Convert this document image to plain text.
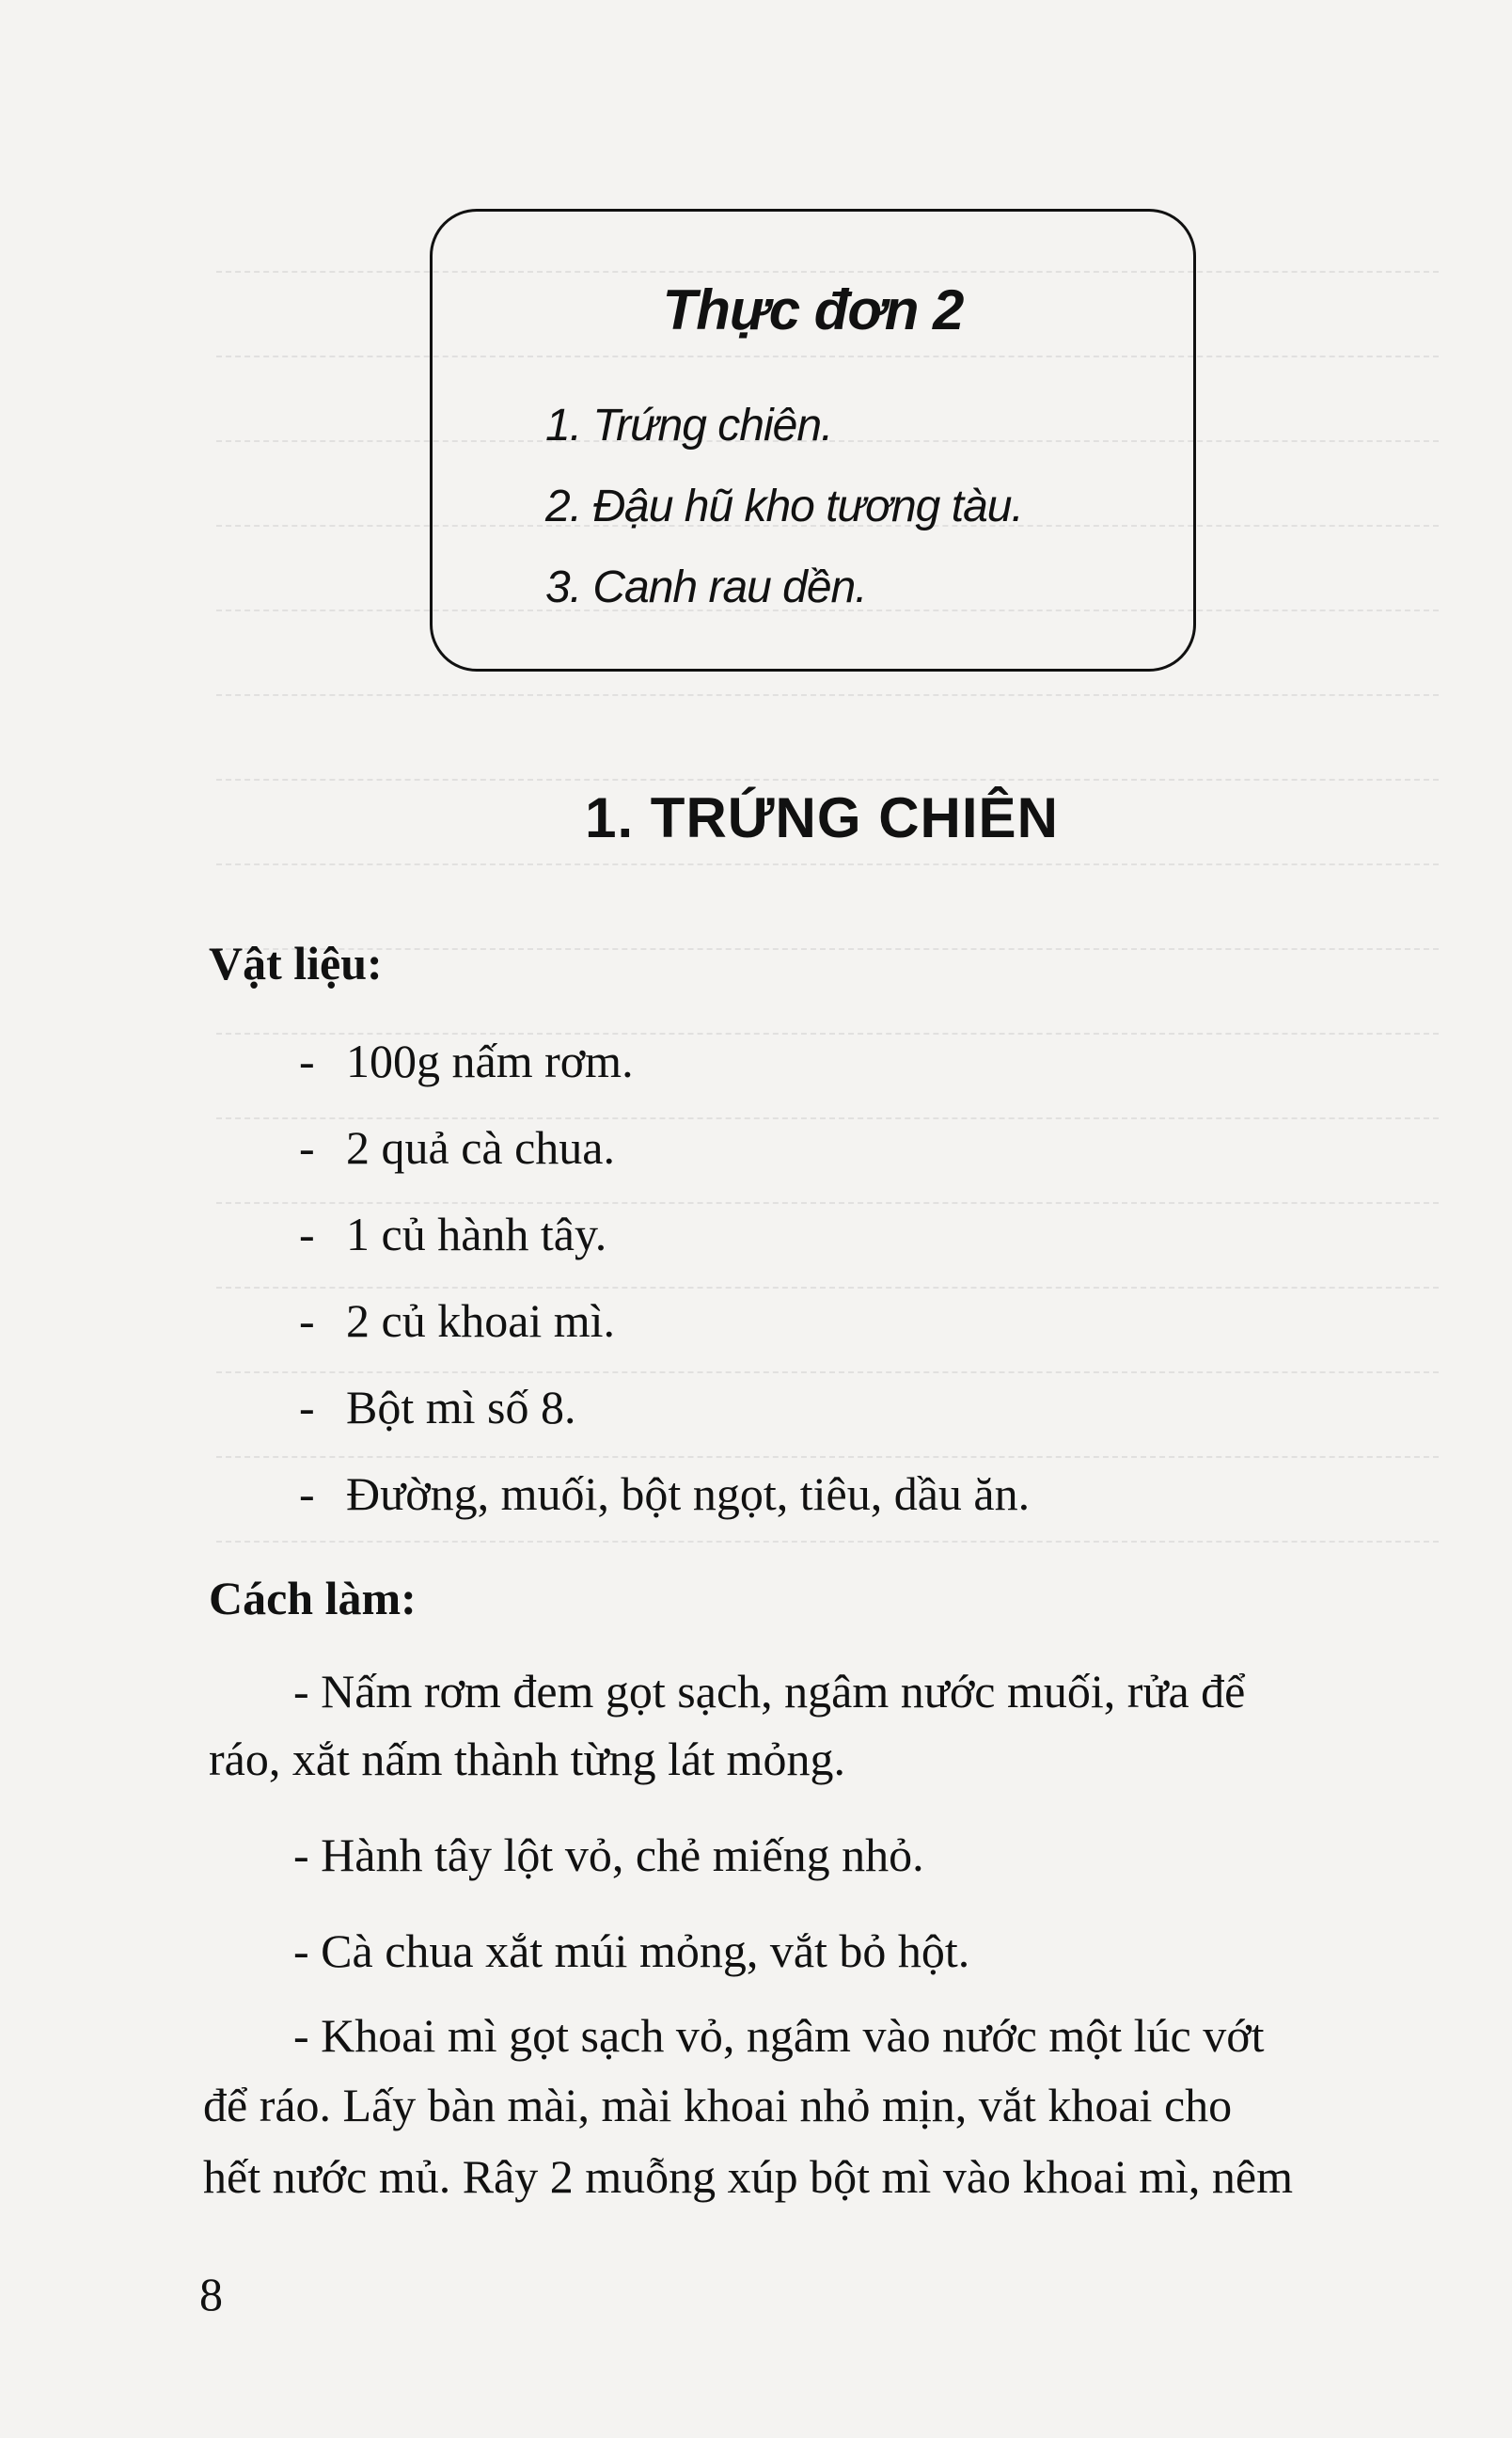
Thực đơn 2
1. Trứng chiên.
2. Đậu hũ kho tương tàu.
3. Canh rau dền.
1. TRỨNG CHIÊN
Vật liệu:
- 100g nấm rơm.
- 2 quả cà chua.
- 1 củ hành tây.
- 2 củ khoai mì.
- Bột mì số 8.
- Đường, muối, bột ngọt, tiêu, dầu ăn.
Cách làm:
- Nấm rơm đem gọt sạch, ngâm nước muối, rửa để
ráo, xắt nấm thành từng lát mỏng.
- Hành tây lột vỏ, chẻ miếng nhỏ.
- Cà chua xắt múi mỏng, vắt bỏ hột.
- Khoai mì gọt sạch vỏ, ngâm vào nước một lúc vớt
để ráo. Lấy bàn mài, mài khoai nhỏ mịn, vắt khoai cho
hết nước mủ. Rây 2 muỗng xúp bột mì vào khoai mì, nêm
8
